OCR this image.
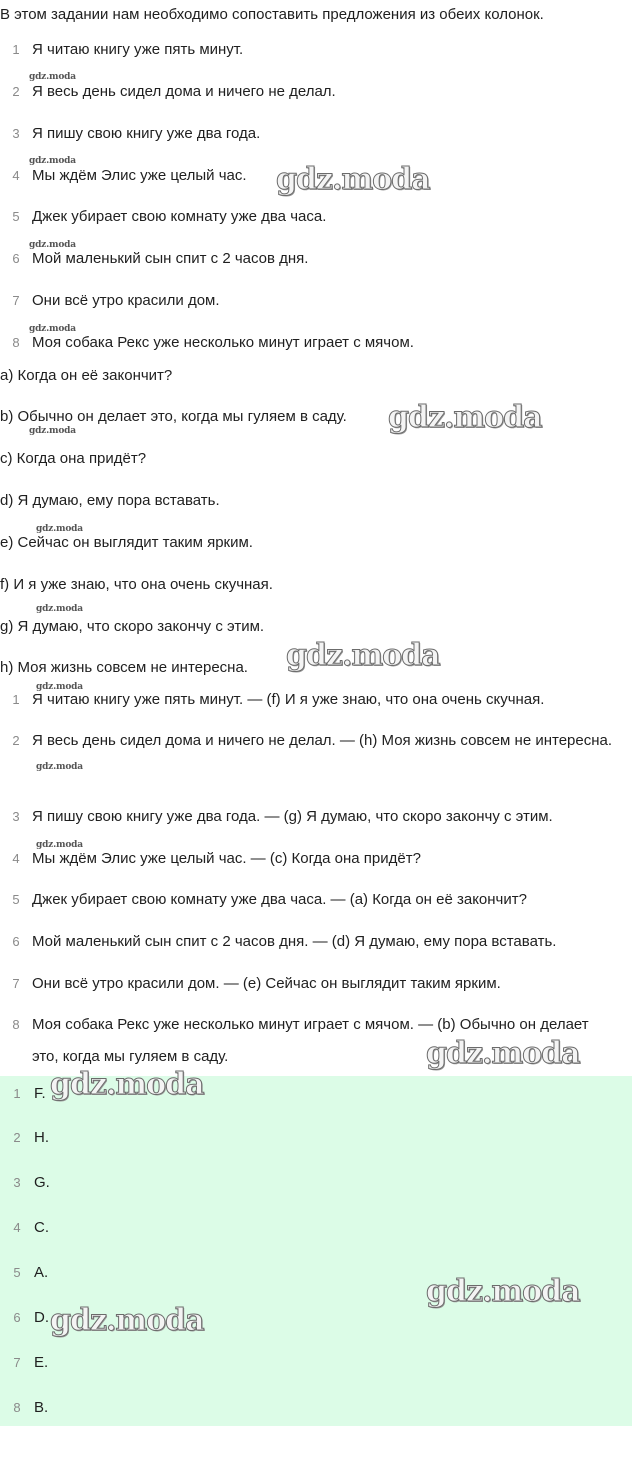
В этом задании нам необходимо сопоставить предложения из обеих колонок.
1 Я читаю книгу уже пять минут.
2 Я весь день сидел дома и ничего не делал.
3 Я пишу свою книгу уже два года.
4 Мы ждём Элис уже целый час.
5 Джек убирает свою комнату уже два часа.
6 Мой маленький сын спит с 2 часов дня.
7 Они всё утро красили дом.
8 Моя собака Рекс уже несколько минут играет с мячом.
a) Когда он её закончит?
b) Обычно он делает это, когда мы гуляем в саду.
c) Когда она придёт?
d) Я думаю, ему пора вставать.
e) Сейчас он выглядит таким ярким.
f) И я уже знаю, что она очень скучная.
g) Я думаю, что скоро закончу с этим.
h) Моя жизнь совсем не интересна.
1 Я читаю книгу уже пять минут. — (f) И я уже знаю, что она очень скучная.
2 Я весь день сидел дома и ничего не делал. — (h) Моя жизнь совсем не интересна.
3 Я пишу свою книгу уже два года. — (g) Я думаю, что скоро закончу с этим.
4 Мы ждём Элис уже целый час. — (c) Когда она придёт?
5 Джек убирает свою комнату уже два часа. — (a) Когда он её закончит?
6 Мой маленький сын спит с 2 часов дня. — (d) Я думаю, ему пора вставать.
7 Они всё утро красили дом. — (e) Сейчас он выглядит таким ярким.
8 Моя собака Рекс уже несколько минут играет с мячом. — (b) Обычно он делает это, когда мы гуляем в саду.
1 F.
2 H.
3 G.
4 C.
5 A.
6 D.
7 E.
8 B.
gdz.moda
gdz.moda
gdz.moda
gdz.moda
gdz.moda
gdz.moda
gdz.moda
gdz.moda
gdz.moda
gdz.moda
gdz.moda
gdz.moda
gdz.moda
gdz.moda
gdz.moda
gdz.moda
gdz.moda
